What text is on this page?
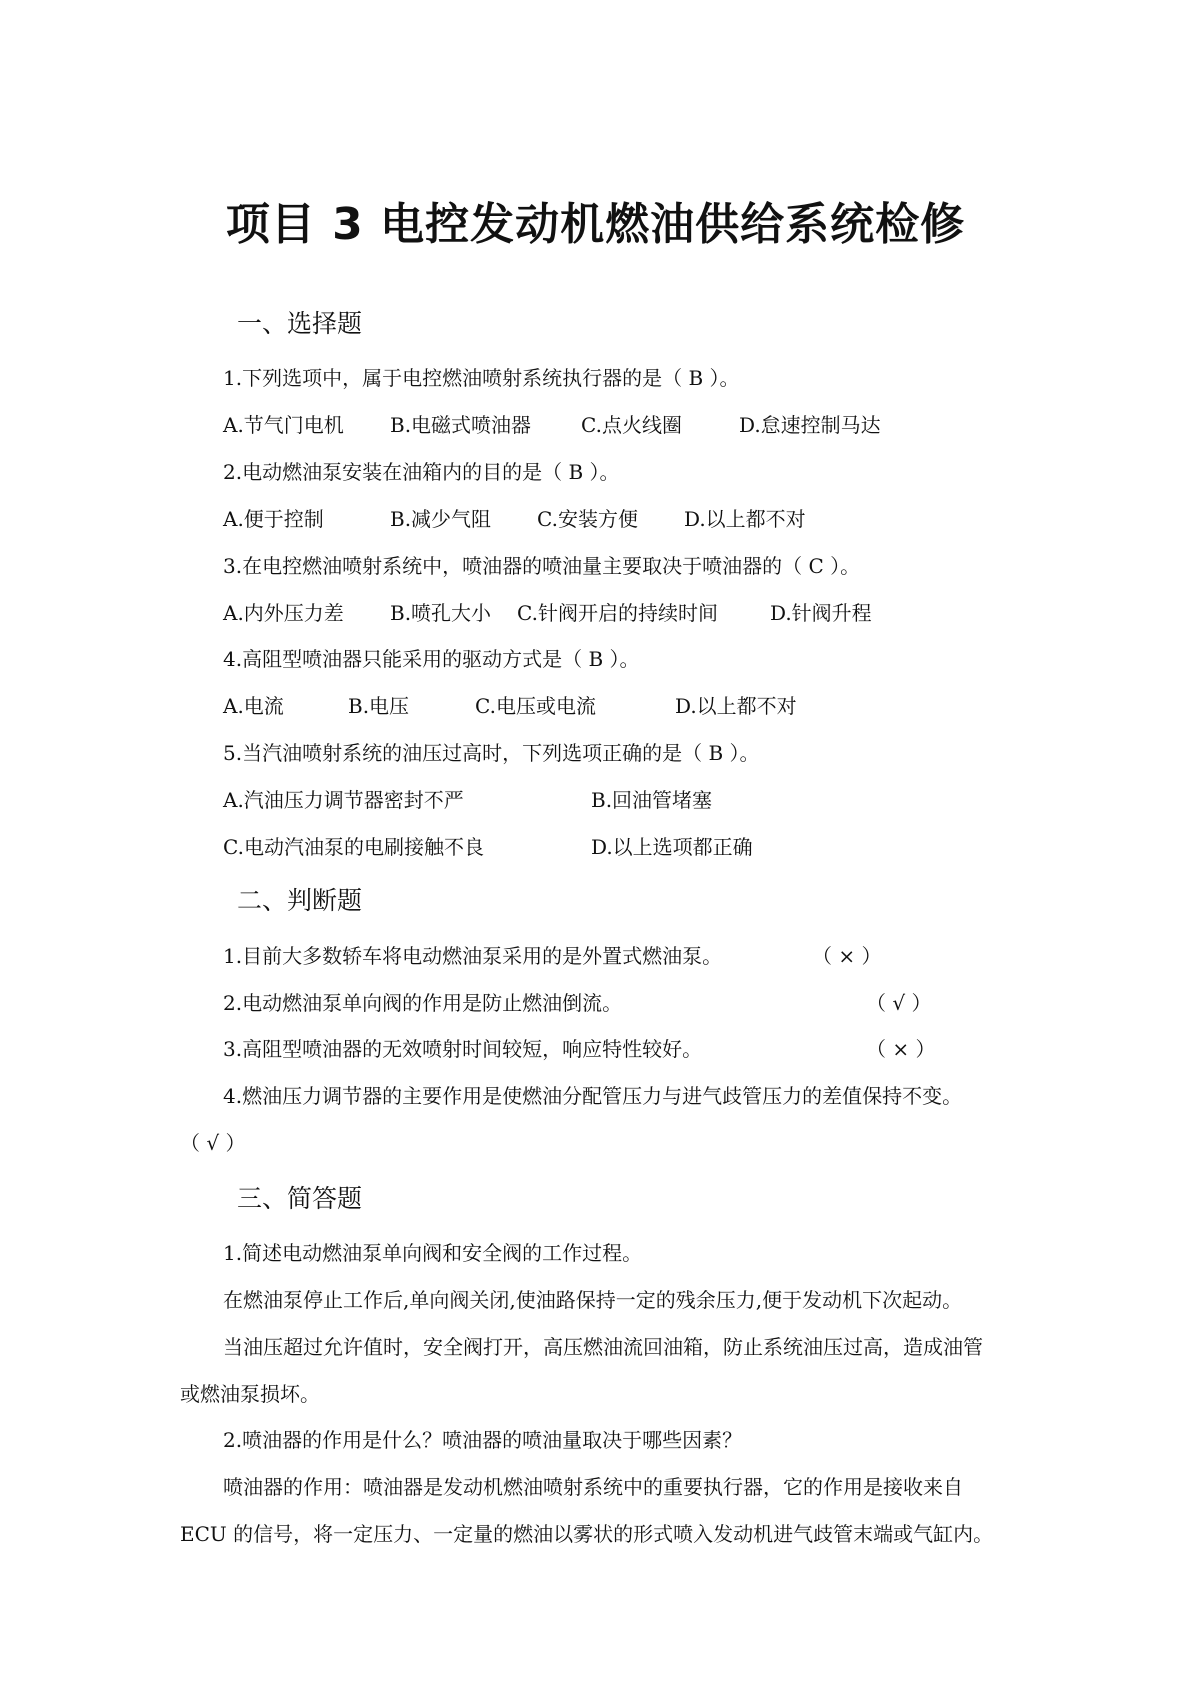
项目 3 电控发动机燃油供给系统检修
一、选择题

1.下列选项中，属于电控燃油喷射系统执行器的是（ B ）。

A.节气门电机 B.电磁式喷油器 C.点火线圈	D.怠速控制马达

2.电动燃油泵安装在油箱内的目的是（ B ）。

A.便于控制	B.减少气阻 C.安装方便 D.以上都不对

3.在电控燃油喷射系统中，喷油器的喷油量主要取决于喷油器的（ C ）。

A.内外压力差 B.喷孔大小 C.针阀开启的持续时间	D.针阀升程

4.高阻型喷油器只能采用的驱动方式是（ B ）。

A.电流	B.电压	C.电压或电流	D.以上都不对

5.当汽油喷射系统的油压过高时，下列选项正确的是（ B ）。

A.汽油压力调节器密封不严	B.回油管堵塞
C.电动汽油泵的电刷接触不良	D.以上选项都正确
二、判断题

1.目前大多数轿车将电动燃油泵采用的是外置式燃油泵。	（ × ）

2.电动燃油泵单向阀的作用是防止燃油倒流。	（ √ ）

3.高阻型喷油器的无效喷射时间较短，响应特性较好。	（ × ）

4.燃油压力调节器的主要作用是使燃油分配管压力与进气歧管压力的差值保持不变。

（ √ ）
三、简答题

1.简述电动燃油泵单向阀和安全阀的工作过程。

在燃油泵停止工作后,单向阀关闭,使油路保持一定的残余压力,便于发动机下次起动。

当油压超过允许值时，安全阀打开，高压燃油流回油箱，防止系统油压过高，造成油管

或燃油泵损坏。

2.喷油器的作用是什么？喷油器的喷油量取决于哪些因素？

喷油器的作用：喷油器是发动机燃油喷射系统中的重要执行器，它的作用是接收来自

ECU 的信号，将一定压力、一定量的燃油以雾状的形式喷入发动机进气歧管末端或气缸内。
